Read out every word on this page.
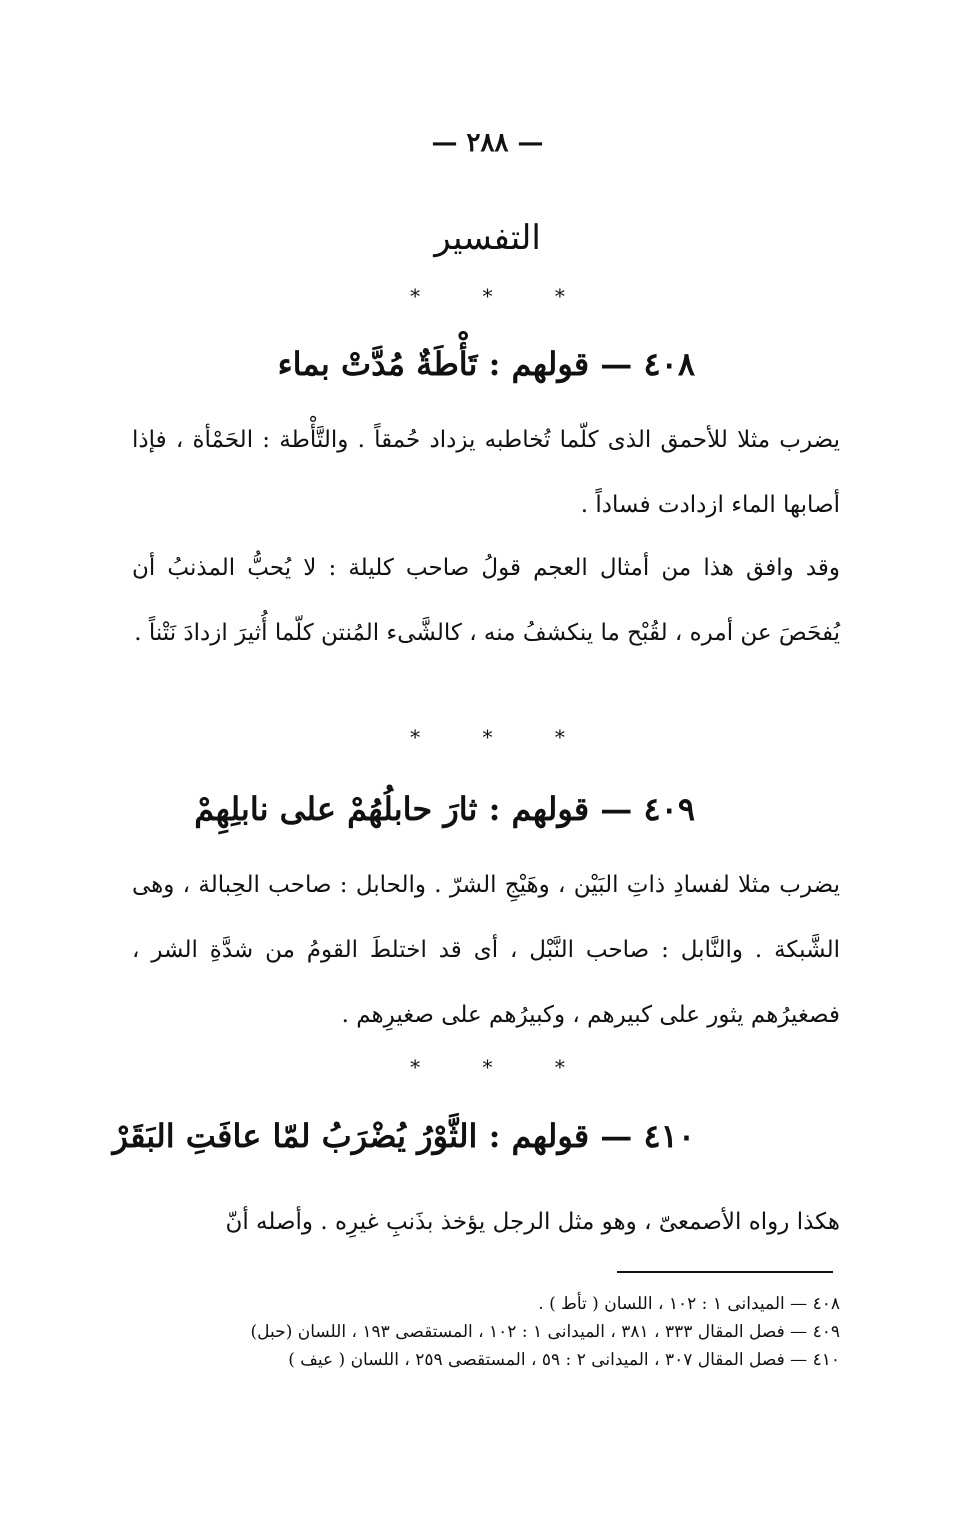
— ٢٨٨ —
التفسير
* * *
٤٠٨ — قولهم : تَأْطَةٌ مُدَّتْ بماء
يضرب مثلا للأحمق الذى كلّما تُخاطبه يزداد حُمقاً . والتَّأْطة : الحَمْأة ، فإذا أصابها الماء ازدادت فساداً .
وقد وافق هذا من أمثال العجم قولُ صاحب كليلة : لا يُحبُّ المذنبُ أن يُفحَصَ عن أمره ، لقُبْح ما ينكشفُ منه ، كالشَّىء المُنتن كلّما أُثيرَ ازدادَ نَتْناً .
* * *
٤٠٩ — قولهم : ثارَ حابلُهُمْ على نابلِهِمْ
يضرب مثلا لفسادِ ذاتِ البَيْن ، وهَيْجِ الشرّ . والحابل : صاحب الحِبالة ، وهى الشَّبكة . والنَّابل : صاحب النَّبْل ، أى قد اختلطَ القومُ من شدَّةِ الشر ، فصغيرُهم يثور على كبيرهم ، وكبيرُهم على صغيرِهم .
* * *
٤١٠ — قولهم : الثَّوْرُ يُضْرَبُ لمّا عافَتِ البَقَرْ
هكذا رواه الأصمعىّ ، وهو مثل الرجل يؤخذ بذَنبِ غيرِه . وأصله أنّ
٤٠٨ — الميدانى ١ : ١٠٢ ، اللسان ( تأط ) .
٤٠٩ — فصل المقال ٣٣٣ ، ٣٨١ ، الميدانى ١ : ١٠٢ ، المستقصى ١٩٣ ، اللسان (حبل)
٤١٠ — فصل المقال ٣٠٧ ، الميدانى ٢ : ٥٩ ، المستقصى ٢٥٩ ، اللسان ( عيف )
